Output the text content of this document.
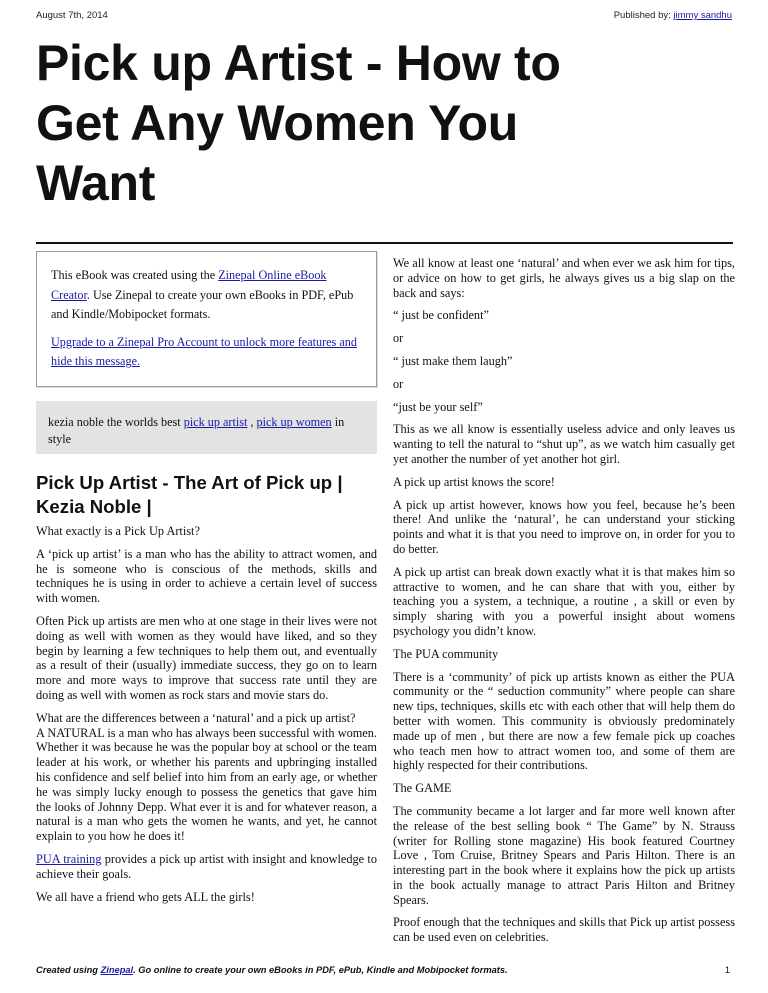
August 7th, 2014	Published by: jimmy sandhu
Pick up Artist - How to
Get Any Women You
Want

This eBook was created using the Zinepal Online eBook Creator. Use Zinepal to create your own eBooks in PDF, ePub and Kindle/Mobipocket formats.

Upgrade to a Zinepal Pro Account to unlock more features and hide this message.

kezia noble the worlds best pick up artist , pick up women in style
Pick Up Artist - The Art of Pick up | Kezia Noble |

What exactly is a Pick Up Artist?

A ‘pick up artist’ is a man who has the ability to attract women, and he is someone who is conscious of the methods, skills and techniques he is using in order to achieve a certain level of success with women.

Often Pick up artists are men who at one stage in their lives were not doing as well with women as they would have liked, and so they begin by learning a few techniques to help them out, and eventually as a result of their (usually) immediate success, they go on to learn more and more ways to improve that success rate until they are doing as well with women as rock stars and movie stars do.

What are the differences between a ‘natural’ and a pick up artist?
A NATURAL is a man who has always been successful with women. Whether it was because he was the popular boy at school or the team leader at his work, or whether his parents and upbringing installed his confidence and self belief into him from an early age, or whether he was simply lucky enough to possess the genetics that gave him the looks of Johnny Depp. What ever it is and for whatever reason, a natural is a man who gets the women he wants, and yet, he cannot explain to you how he does it!

PUA training provides a pick up artist with insight and knowledge to achieve their goals.

We all have a friend who gets ALL the girls!

We all know at least one ‘natural’ and when ever we ask him for tips, or advice on how to get girls, he always gives us a big slap on the back and says:

“ just be confident”

or

“ just make them laugh”

or

“just be your self”

This as we all know is essentially useless advice and only leaves us wanting to tell the natural to “shut up”, as we watch him casually get yet another the number of yet another hot girl.

A pick up artist knows the score!

A pick up artist however, knows how you feel, because he’s been there! And unlike the ‘natural’, he can understand your sticking points and what it is that you need to improve on, in order for you to do better.

A pick up artist can break down exactly what it is that makes him so attractive to women, and he can share that with you, either by teaching you a system, a technique, a routine , a skill or even by simply sharing with you a powerful insight about womens psychology you didn’t know.

The PUA community

There is a ‘community’ of pick up artists known as either the PUA community or the “ seduction community” where people can share new tips, techniques, skills etc with each other that will help them do better with women. This community is obviously predominately made up of men , but there are now a few female pick up coaches who teach men how to attract women too, and some of them are highly respected for their contributions.

The GAME

The community became a lot larger and far more well known after the release of the best selling book “ The Game” by N. Strauss (writer for Rolling stone magazine) His book featured Courtney Love , Tom Cruise, Britney Spears and Paris Hilton. There is an interesting part in the book where it explains how the pick up artists in the book actually manage to attract Paris Hilton and Britney Spears.

Proof enough that the techniques and skills that Pick up artist possess can be used even on celebrities.

Created using Zinepal. Go online to create your own eBooks in PDF, ePub, Kindle and Mobipocket formats.	1
